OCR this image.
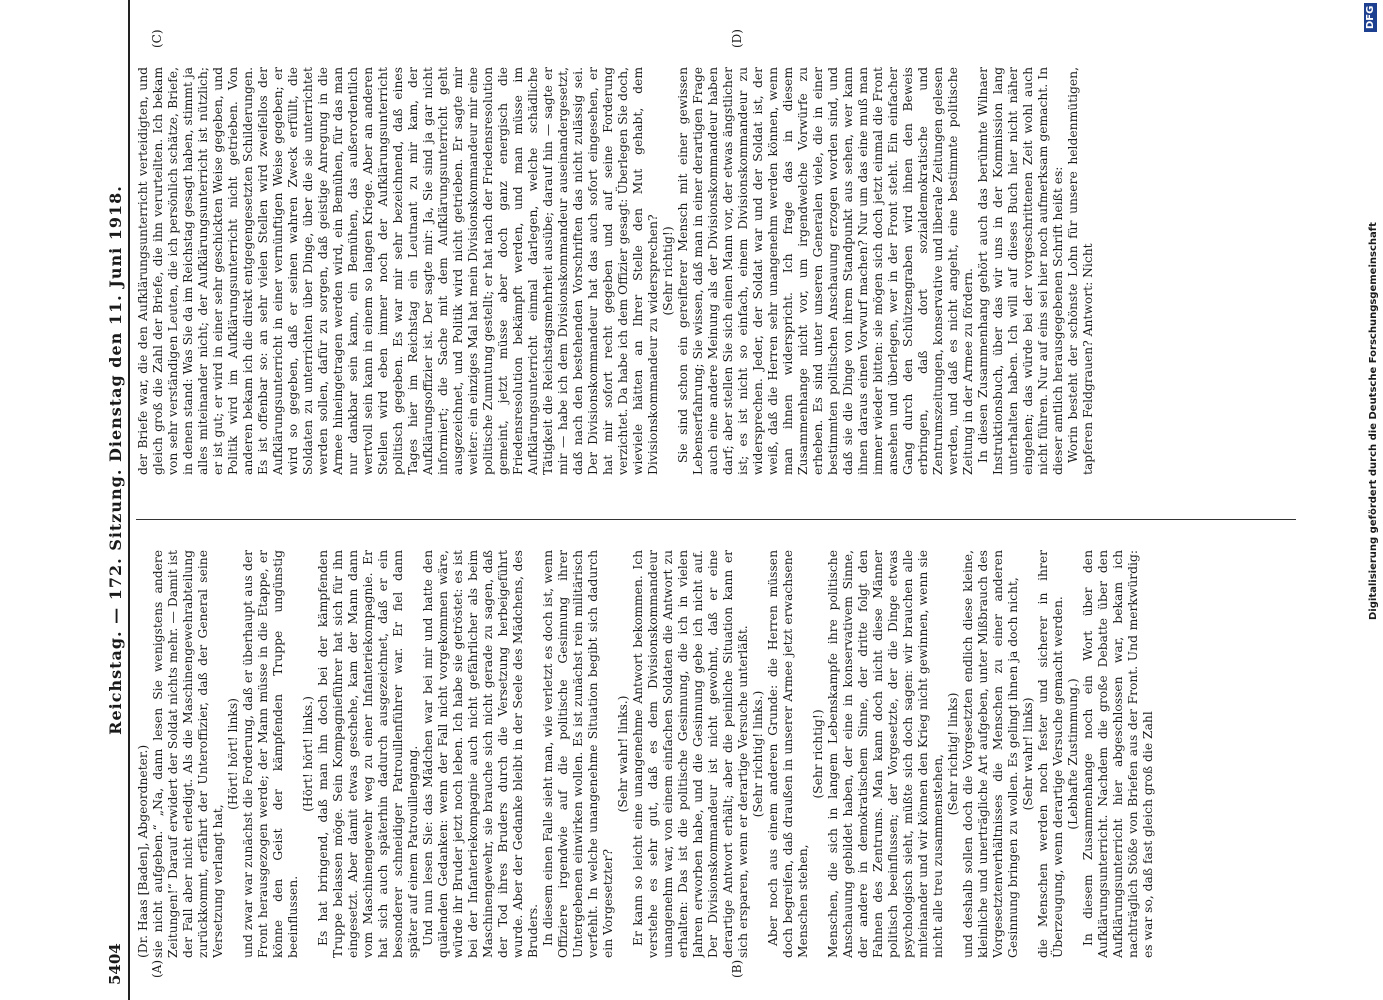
5404
Reichstag. — 172. Sitzung. Dienstag den 11. Juni 1918.
(A)	(B)
(C)	(D)

(Dr. Haas [Baden], Abgeordneter.) sie nicht aufgeben.“ „Na, dann lesen Sie wenigstens andere Zeitungen!“ Darauf erwidert der Soldat nichts mehr. — Damit ist der Fall aber nicht erledigt. Als die Maschinengewehrabteilung zurückkommt, erfährt der Unteroffizier, daß der General seine Versetzung verlangt hat,

(Hört! hört! links) und zwar war zunächst die Forderung, daß er überhaupt aus der Front herausgezogen werde; der Mann müsse in die Etappe, er könne den Geist der kämpfenden Truppe ungünstig beeinflussen.

(Hört! hört! links.) Es hat bringend, daß man ihn doch bei der kämpfenden Truppe belassen möge. Sein Kompagnieführer hat sich für ihn eingesetzt. Aber damit etwas geschehe, kam der Mann dann vom Maschinengewehr weg zu einer Infanteriekompagnie. Er hat sich auch späterhin dadurch ausgezeichnet, daß er ein besonderer schneidiger Patrouillenführer war. Er fiel dann später auf einem Patrouillengang. Und nun lesen Sie: das Mädchen war bei mir und hatte den quälenden Gedanken: wenn der Fall nicht vorgekommen wäre, würde ihr Bruder jetzt noch leben. Ich habe sie getröstet: es ist bei der Infanteriekompagnie auch nicht gefährlicher als beim Maschinengewehr, sie brauche sich nicht gerade zu sagen, daß der Tod ihres Bruders durch die Versetzung herbeigeführt wurde. Aber der Gedanke bleibt in der Seele des Mädchens, des Bruders. In diesem einen Falle sieht man, wie verletzt es doch ist, wenn Offiziere irgendwie auf die politische Gesinnung ihrer Untergebenen einwirken wollen. Es ist zunächst rein militärisch verfehlt. In welche unangenehme Situation begibt sich dadurch ein Vorgesetzter?

(Sehr wahr! links.) Er kann so leicht eine unangenehme Antwort bekommen. Ich verstehe es sehr gut, daß es dem Divisionskommandeur unangenehm war, von einem einfachen Soldaten die Antwort zu erhalten: Das ist die politische Gesinnung, die ich in vielen Jahren erworben habe, und die Gesinnung gebe ich nicht auf. Der Divisionskommandeur ist nicht gewohnt, daß er eine derartige Antwort erhält; aber die peinliche Situation kann er sich ersparen, wenn er derartige Versuche unterläßt. (Sehr richtig! links.) Aber noch aus einem anderen Grunde: die Herren müssen doch begreifen, daß draußen in unserer Armee jetzt erwachsene Menschen stehen,

(Sehr richtig!) Menschen, die sich in langem Lebenskampfe ihre politische Anschauung gebildet haben, der eine in konservativem Sinne, der andere in demokratischem Sinne, der dritte folgt den Fahnen des Zentrums. Man kann doch nicht diese Männer politisch beeinflussen; der Vorgesetzte, der die Dinge etwas psychologisch sieht, müßte sich doch sagen: wir brauchen alle miteinander und wir können den Krieg nicht gewinnen, wenn sie nicht alle treu zusammenstehen,

(Sehr richtig! links) und deshalb sollen doch die Vorgesetzten endlich diese kleine, kleinliche und unerträgliche Art aufgeben, unter Mißbrauch des Vorgesetztenverhältnisses die Menschen zu einer anderen Gesinnung bringen zu wollen. Es gelingt ihnen ja doch nicht, (Sehr wahr! links) die Menschen werden noch fester und sicherer in ihrer Überzeugung, wenn derartige Versuche gemacht werden. (Lebhafte Zustimmung.) In diesem Zusammenhange noch ein Wort über den Aufklärungsunterricht. Nachdem die große Debatte über den Aufklärungsunterricht hier abgeschlossen war, bekam ich nachträglich Stöße von Briefen aus der Front. Und merkwürdig: es war so, daß fast gleich groß die Zahl

der Briefe war, die den Aufklärungsunterricht verteidigten, und gleich groß die Zahl der Briefe, die ihn verurteilten. Ich bekam von sehr verständigen Leuten, die ich persönlich schätze, Briefe, in denen stand: Was Sie da im Reichstag gesagt haben, stimmt ja alles miteinander nicht; der Aufklärungsunterricht ist nützlich; er ist gut; er wird in einer sehr geschickten Weise gegeben, und Politik wird im Aufklärungsunterricht nicht getrieben. Von anderen bekam ich die direkt entgegengesetzten Schilderungen. Es ist offenbar so: an sehr vielen Stellen wird zweifellos der Aufklärungsunterricht in einer vernünftigen Weise gegeben; er wird so gegeben, daß er seinen wahren Zweck erfüllt, die Soldaten zu unterrichten über Dinge, über die sie unterrichtet werden sollen, dafür zu sorgen, daß geistige Anregung in die Armee hineingetragen werden wird, ein Bemühen, für das man nur dankbar sein kann, ein Bemühen, das außerordentlich wertvoll sein kann in einem so langen Kriege. Aber an anderen Stellen wird eben immer noch der Aufklärungsunterricht politisch gegeben. Es war mir sehr bezeichnend, daß eines Tages hier im Reichstag ein Leutnant zu mir kam, der Aufklärungsoffizier ist. Der sagte mir: Ja, Sie sind ja gar nicht informiert; die Sache mit dem Aufklärungsunterricht geht ausgezeichnet, und Politik wird nicht getrieben. Er sagte mir weiter: ein einziges Mal hat mein Divisionskommandeur mir eine politische Zumutung gestellt; er hat nach der Friedensresolution gemeint, jetzt müsse aber doch ganz energisch die Friedensresolution bekämpft werden, und man müsse im Aufklärungsunterricht einmal darlegen, welche schädliche Tätigkeit die Reichstagsmehrheit ausübe; darauf hin — sagte er mir — habe ich dem Divisionskommandeur auseinandergesetzt, daß nach den bestehenden Vorschriften das nicht zulässig sei. Der Divisionskommandeur hat das auch sofort eingesehen, er hat mir sofort recht gegeben und auf seine Forderung verzichtet. Da habe ich dem Offizier gesagt: Überlegen Sie doch, wieviele hätten an Ihrer Stelle den Mut gehabt, dem Divisionskommandeur zu widersprechen? (Sehr richtig!) Sie sind schon ein gereifterer Mensch mit einer gewissen Lebenserfahrung; Sie wissen, daß man in einer derartigen Frage auch eine andere Meinung als der Divisionskommandeur haben darf; aber stellen Sie sich einen Mann vor, der etwas ängstlicher ist; es ist nicht so einfach, einem Divisionskommandeur zu widersprechen. Jeder, der Soldat war und der Soldat ist, der weiß, daß die Herren sehr unangenehm werden können, wenn man ihnen widerspricht. Ich frage das in diesem Zusammenhange nicht vor, um irgendwelche Vorwürfe zu erheben. Es sind unter unseren Generalen viele, die in einer bestimmten politischen Anschauung erzogen worden sind, und daß sie die Dinge von ihrem Standpunkt aus sehen, wer kann ihnen daraus einen Vorwurf machen? Nur um das eine muß man immer wieder bitten: sie mögen sich doch jetzt einmal die Front ansehen und überlegen, wer in der Front steht. Ein einfacher Gang durch den Schützengraben wird ihnen den Beweis erbringen, daß dort sozialdemokratische und Zentrumszeitungen, konservative und liberale Zeitungen gelesen werden, und daß es nicht angeht, eine bestimmte politische Zeitung in der Armee zu fördern. In diesen Zusammenhang gehört auch das berühmte Wilnaer Instruktionsbuch, über das wir uns in der Kommission lang unterhalten haben. Ich will auf dieses Buch hier nicht näher eingehen; das würde bei der vorgeschrittenen Zeit wohl auch nicht führen. Nur auf eins sei hier noch aufmerksam gemacht. In dieser amtlich herausgegebenen Schrift heißt es: Worin besteht der schönste Lohn für unsere heldenmütigen, tapferen Feldgrauen? Antwort: Nicht	Digitalisierung gefördert durch die Deutsche Forschungsgemeinschaft
DFG
